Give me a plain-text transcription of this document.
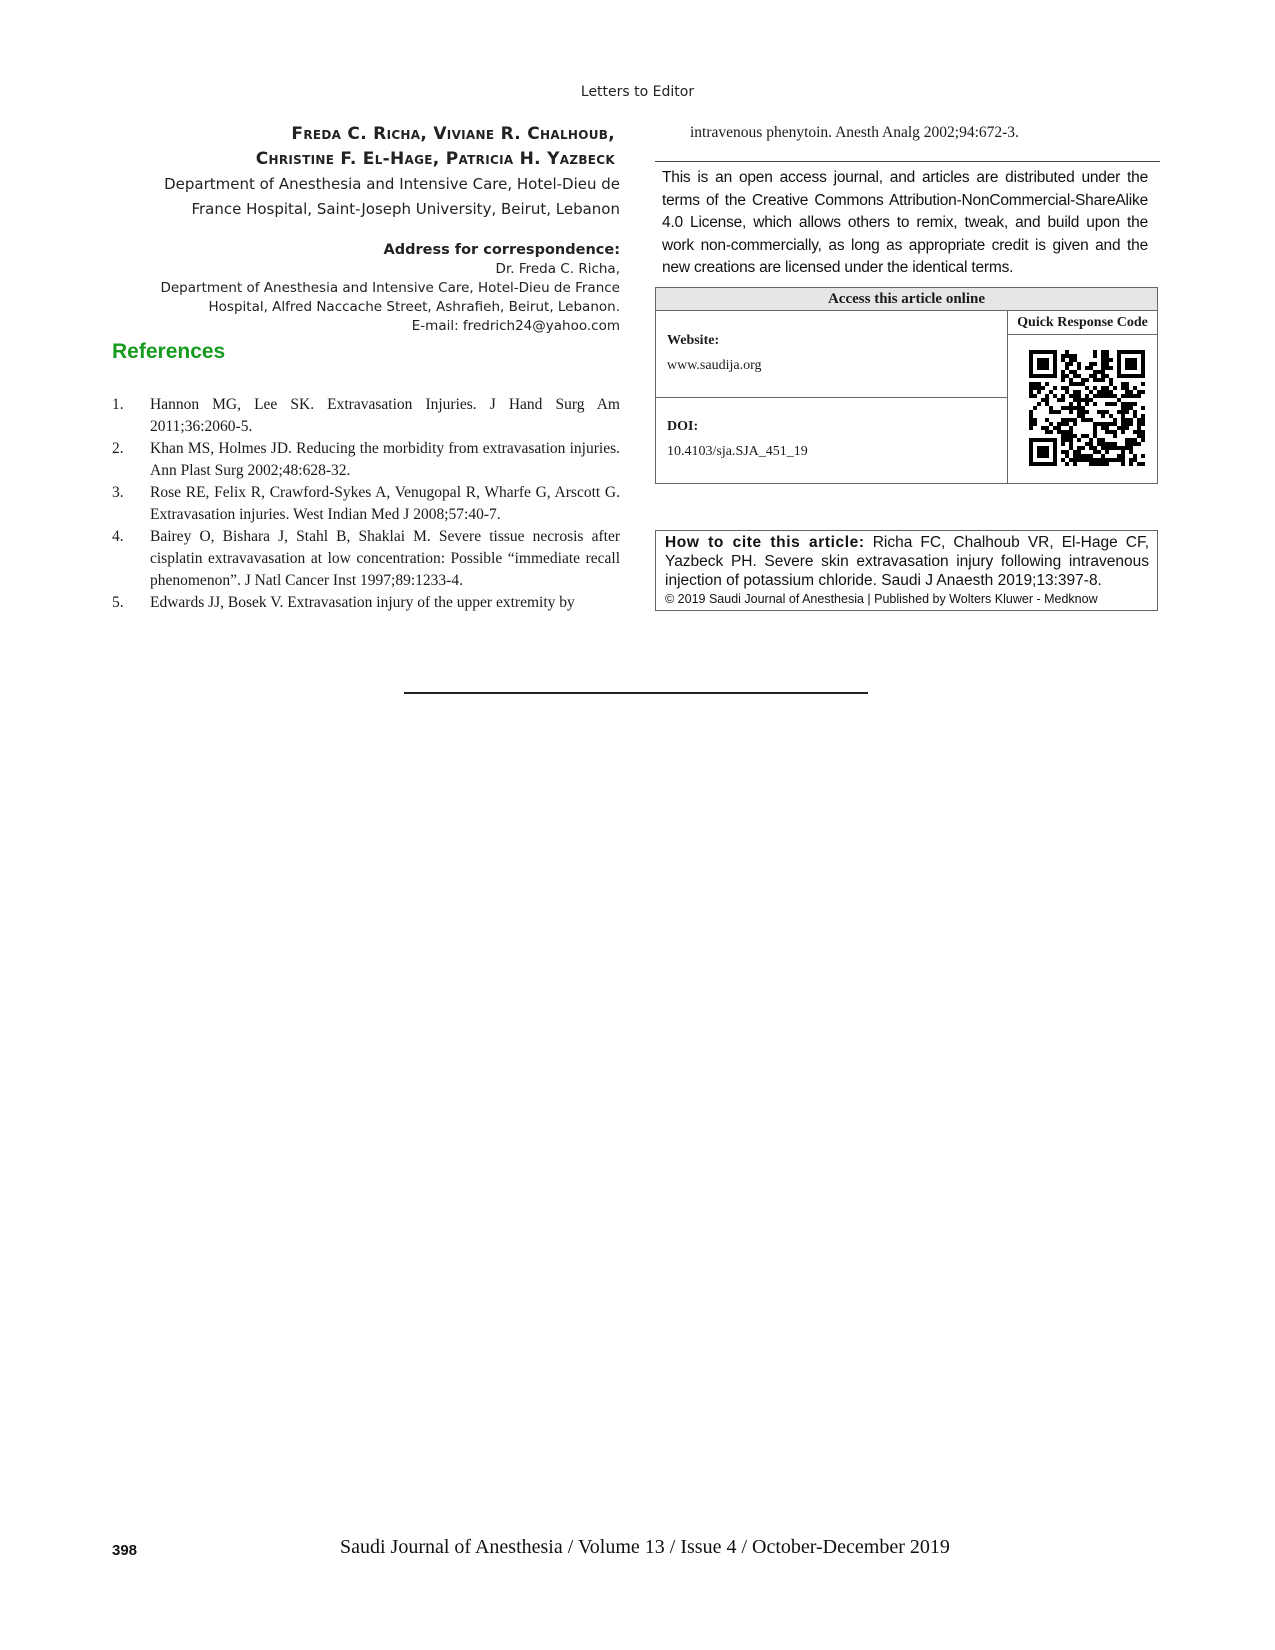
Letters to Editor
Freda C. Richa, Viviane R. Chalhoub,
Christine F. El-Hage, Patricia H. Yazbeck
Department of Anesthesia and Intensive Care, Hotel-Dieu de
France Hospital, Saint-Joseph University, Beirut, Lebanon
Address for correspondence:
Dr. Freda C. Richa,
Department of Anesthesia and Intensive Care, Hotel-Dieu de France
Hospital, Alfred Naccache Street, Ashrafieh, Beirut, Lebanon.
E-mail: fredrich24@yahoo.com
References
1. Hannon MG, Lee SK. Extravasation Injuries. J Hand Surg Am 2011;36:2060-5.
2. Khan MS, Holmes JD. Reducing the morbidity from extravasation injuries. Ann Plast Surg 2002;48:628-32.
3. Rose RE, Felix R, Crawford-Sykes A, Venugopal R, Wharfe G, Arscott G. Extravasation injuries. West Indian Med J 2008;57:40-7.
4. Bairey O, Bishara J, Stahl B, Shaklai M. Severe tissue necrosis after cisplatin extravavasation at low concentration: Possible “immediate recall phenomenon”. J Natl Cancer Inst 1997;89:1233-4.
5. Edwards JJ, Bosek V. Extravasation injury of the upper extremity by
intravenous phenytoin. Anesth Analg 2002;94:672-3.
This is an open access journal, and articles are distributed under the terms of the Creative Commons Attribution-NonCommercial-ShareAlike 4.0 License, which allows others to remix, tweak, and build upon the work non-commercially, as long as appropriate credit is given and the new creations are licensed under the identical terms.
Access this article online
Website:
www.saudija.org
DOI:
10.4103/sja.SJA_451_19
Quick Response Code
How to cite this article: Richa FC, Chalhoub VR, El-Hage CF, Yazbeck PH. Severe skin extravasation injury following intravenous injection of potassium chloride. Saudi J Anaesth 2019;13:397-8.
© 2019 Saudi Journal of Anesthesia | Published by Wolters Kluwer - Medknow
398	Saudi Journal of Anesthesia / Volume 13 / Issue 4 / October-December 2019
